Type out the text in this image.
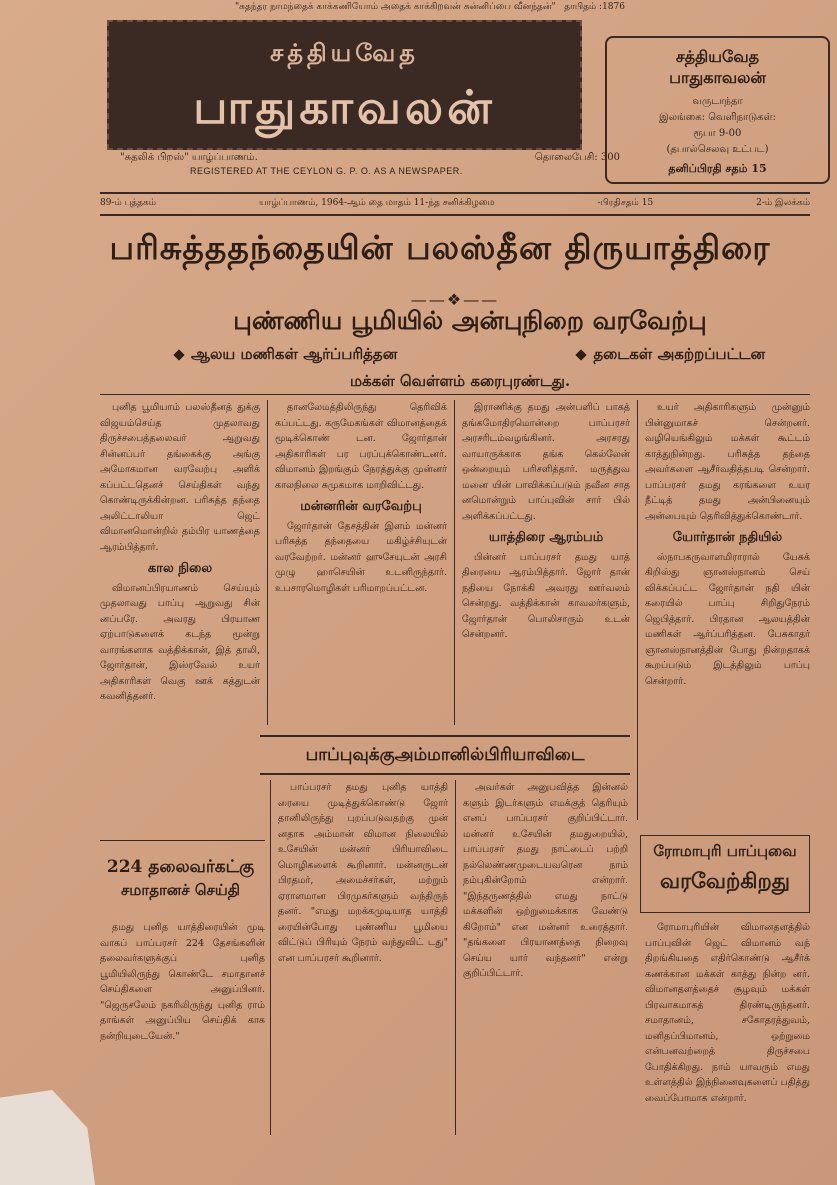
"சுதந்தர நாமந்தைக் காக்கணியோம் அதைக் காக்கிறவன் சுன்னிப்பை வீனந்தன்" தாபிதம் :1876
சத்தியவேத
பாதுகாவலன்
"சுதலிக் பிறஸ்" யாழ்ப்பாணம்.	தொலைபேசி: 300
REGISTERED AT THE CEYLON G. P. O. AS A NEWSPAPER.
சத்தியவேத
பாதுகாவலன்
வருடாந்தா
இலங்கை: வெளிநாடுகள்:
ரூபா 9-00
(தபால்செலவு உட்பட)
தனிப்பிரதி சதம் 15
89-ம் புத்தகம்	யாழ்ப்பாணம், 1964-ஆம் தை மாதம் 11-ந்த சனிக்கிழமை	-பிரதிசதம் 15	2-ம் இலக்கம்
பரிசுத்ததந்தையின் பலஸ்தீன திருயாத்திரை
——❖——
புண்ணிய பூமியில் அன்புநிறை வரவேற்பு
ஆலய மணிகள் ஆர்ப்பரித்தன	தடைகள் அகற்றப்பட்டன
மக்கள் வெள்ளம் கரைபுரண்டது.

புனித பூமியாம் பலஸ்தீனத் துக்கு விஜயம்செய்த முதலாவது திருச்சபைத்தலைவர் ஆறுவது சின்னப்பர் தங்கைக்கு அங்கு அமோகமான வரவேற்பு அளிக் கப்பட்டதெனச் செய்திகள் வந்து கொண்டிருக்கின்றன. பரிசுத்த தந்தை அலிட்டாலியா ஜெட் விமானமொன்றில் தம்பிர யாணத்தை ஆரம்பித்தார்.

கால நிலை

விமானப்பிரயாணம் செய்யும் முதலாவது பாப்பு ஆறுவது சின் னப்பரே. அவரது பிரயாண ஏற்பாடுகளைக் கடந்த மூன்று வாரங்களாக வத்திக்கான், இத் தாலி, ஜோர்தான், இஸ்ரவேல் உயர் அதிகாரிகள் வெகு ஊக் கத்துடன் கவனித்தனர்.

தானலேமத்திலிருந்து தெரிவிக் கப்பட்டது. கருமேகங்கள் விமானத்தைக் மூடிக்கொண் டன. ஜோர்தான் அதிகாரிகள் பர பரப்புக்கொண்டனர். விமானம் இறங்கும் நேரத்துக்கு முன்னர் காலநிலை சுமுகமாக மாறிவிட்டது.

மன்னரின் வரவேற்பு

ஜோர்தான் தேசத்தின் இளம் மன்னர் பரிசுத்த தந்தையை மகிழ்ச்சியுடன் வரவேற்றர். மன்னர் ஹுசேயுடன் அரசி முழு ஹாசெயின் உடனிருந்தார். உபசாரமொழிகள் பரிமாறப்பட்டன.

இராணிக்கு தமது அன்பளிப் பாகத் தங்கமோதிரமொன்றை பாப்பரசர் அரசரிடம்வழங்கினர். அரசரது வாயாருக்காக தங்க கெல்லேன் ஒன்றையும் பரிசளித்தார். மருத்துவ மனை யின் பாவிக்கப்படும் நவீன சாத னமொன்றும் பாப்புவின் சார் பில் அளிக்கப்பட்டது.

யாத்திரை ஆரம்பம்

பின்னர் பாப்பரசர் தமது யாத் திரையை ஆரம்பித்தார். ஜோர் தான் நதியை நோக்கி அவரது ஊர்வலம் சென்றது. வத்திக்கான் காவலர்களும், ஜோர்தான் பொலிசாரும் உடன் சென்றனர்.

உயர் அதிகாரிகளும் முன்னும் பின்னுமாகச் சென்றனர். வழியெங்கிலும் மக்கள் கூட்டம் காத்துநின்றது. பரிசுத்த தந்தை அவர்களை ஆசீர்வதித்தபடி சென்றார். பாப்பரசர் தமது கரங்களை உயர நீட்டித் தமது அன்பினையும் அன்பையும் தெரிவித்துக்கொண்டார்.

யோர்தான் நதியில்

ஸ்நாபகருவாளமிராரால் யேசுக் கிறிஸ்து ஞானஸ்நானம் செய் விக்கப்பட்ட ஜோர்தான் நதி யின் கரையில் பாப்பு சிறிதுநேரம் ஜெபித்தார். பிரதான ஆலயத்தின் மணிகள் ஆர்ப்பரித்தன. பேசுகாதர் ஞானஸ்நானத்தின் போது நின்றதாகக் கூறப்படும் இடத்திலும் பாப்பு சென்றார்.

பாப்புவுக்குஅம்மானில்பிரியாவிடை
224 தலைவர்கட்கு
சமாதானச் செய்தி

தமது புனித யாத்திரையின் முடி வாகப் பாப்பரசர் 224 தேசங்களின் தலைவர்களுக்குப் புனித பூமியிலிருந்து கொண்டே சமாதானச் செய்திகளை அனுப்பினர். "ஜெருசலேம் நகரிலிருந்து புனித ராம் தாங்கள் அனுப்பிய செய்திக் காக நன்றியுடையேன்."

பாப்பரசர் தமது புனித யாத்தி ரையை முடித்துக்கொண்டு ஜோர் தானிலிருந்து புறப்படுவதற்கு முன் னதாக அம்மான் விமான நிலையில் உசேயின் மன்னர் பிரியாவிடை மொழிகளைக் கூறினார். மன்னருடன் பிரதமர், அமைச்சர்கள், மற்றும் ஏராளமான பிரமுகர்களும் வந்திருந் தனர். "எமது மறக்கமுடியாத யாத்தி ரையின்போது புண்ணிய பூமியை விட்டுப் பிரியும் நேரம் வந்துவிட் டது" என பாப்பரசர் கூறினார்.

அவர்கள் அனுபவித்த இன்னல் களும் இடர்களும் எமக்குத் தெரியும் எனப் பாப்பரசர் குறிப்பிட்டார். மன்னர் உசேயின் தமதுறையில், பாப்பரசர் தமது நாட்டைப் பற்றி நல்லெண்ணமுடையவரென நாம் நம்புகின்றோம் என்றார். "இந்தருணத்தில் எமது நாட்டு மக்களின் ஒற்றுமைக்காக வேண்டு கிறோம்" என மன்னர் உரைத்தார். "தங்களை பிரயாணத்தை நிறைவு செய்ய யார் வந்தனர்" என்று குறிப்பிட்டார்.

ரோமாபுரி பாப்புவை
வரவேற்கிறது

ரோமாபுரியின் விமானதளத்தில் பாப்புவின் ஜெட் விமானம் வந் திறங்கியதை எதிர்கொண்டு ஆசீர்க் கணக்கான மக்கள் காத்து நின்ற னர். விமானதளத்தைச் சூழவும் மக்கள் பிரவாகமாகத் திரண்டிருந்தனர். சமாதானம், சகோதரத்துவம், மனிதப்பிமானம், ஒற்றுமை என்பனவற்றைத் திருச்சபை போதிக்கிறது. நாம் யாவரும் எமது உள்ளத்தில் இந்நினைவுகளைப் பதித்து வைப்போமாக என்றார்.
